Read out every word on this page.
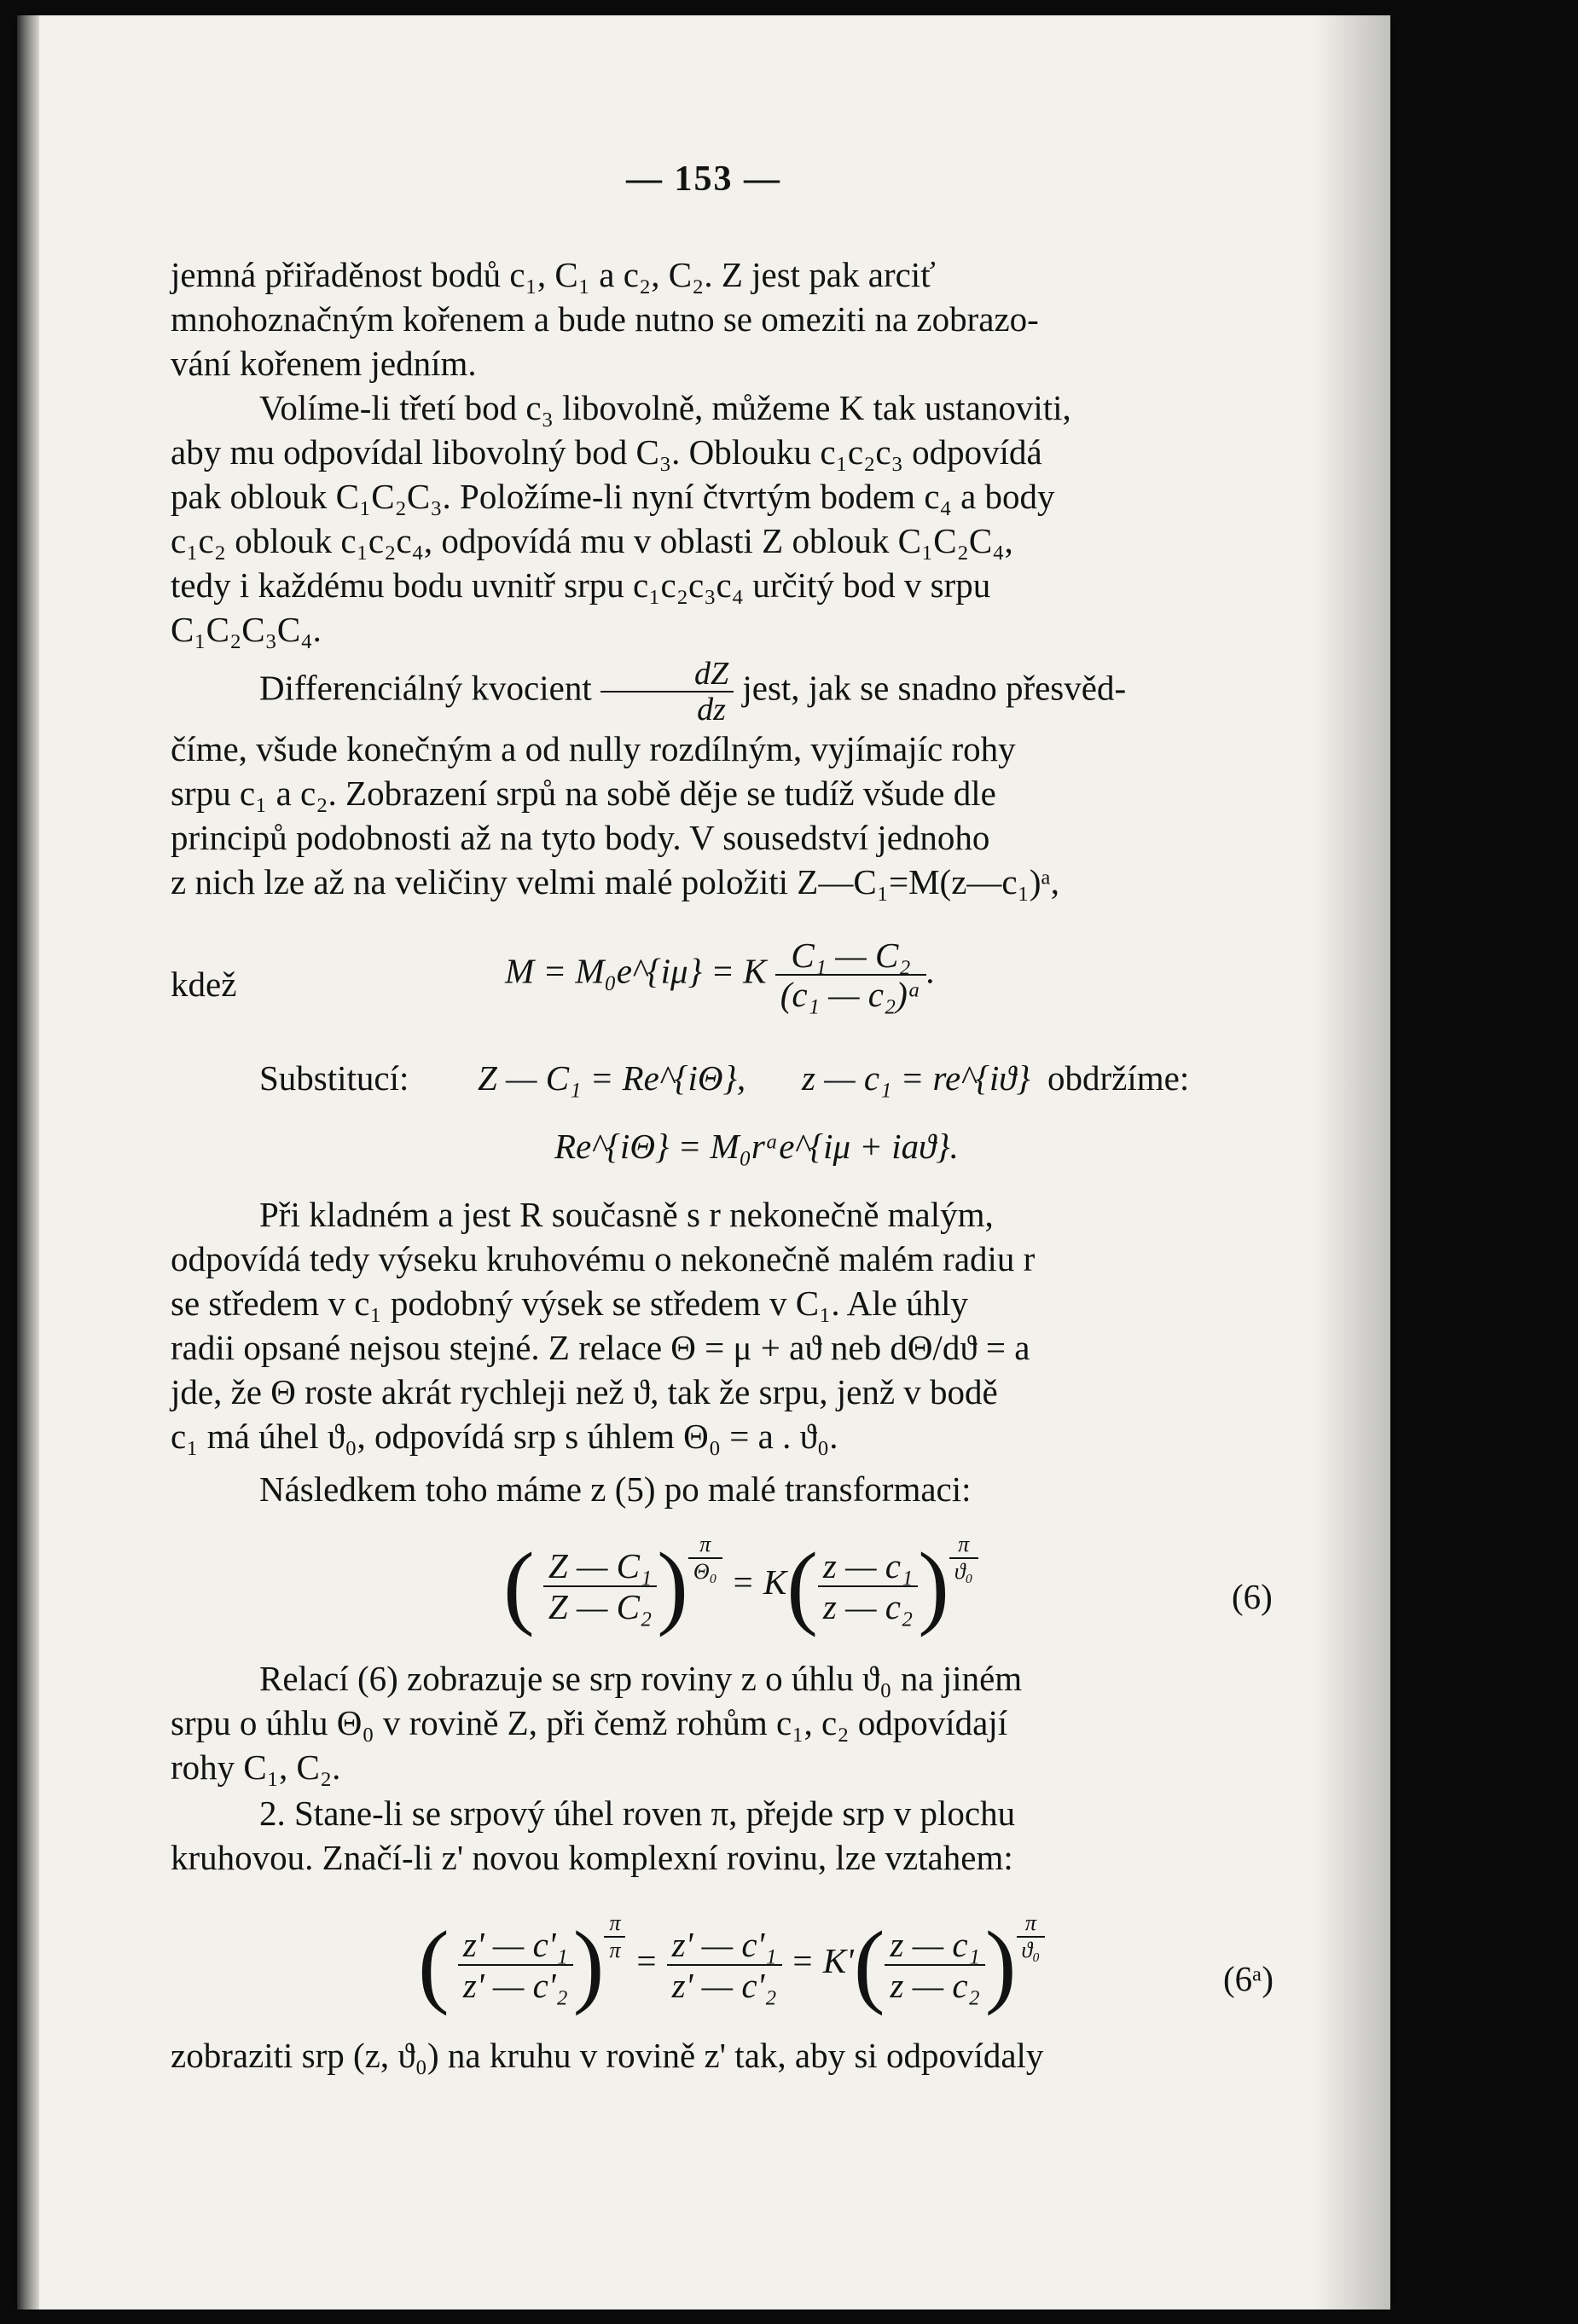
— 153 —
jemná přiřaděnost bodů c₁, C₁ a c₂, C₂. Z jest pak arciť
mnohoznačným kořenem a bude nutno se omeziti na zobrazo-
vání kořenem jedním.
Volíme-li třetí bod c₃ libovolně, můžeme K tak ustanoviti,
aby mu odpovídal libovolný bod C₃. Oblouku c₁c₂c₃ odpovídá
pak oblouk C₁C₂C₃. Položíme-li nyní čtvrtým bodem c₄ a body
c₁c₂ oblouk c₁c₂c₄, odpovídá mu v oblasti Z oblouk C₁C₂C₄,
tedy i každému bodu uvnitř srpu c₁c₂c₃c₄ určitý bod v srpu
C₁C₂C₃C₄.
Differenciálný kvocient $\frac{dZ}{dz}$ jest, jak se snadno přesvěd-
číme, všude konečným a od nully rozdílným, vyjímajíc rohy
srpu c₁ a c₂. Zobrazení srpů na sobě děje se tudíž všude dle
principů podobnosti až na tyto body. V sousedství jednoho
z nich lze až na veličiny velmi malé položiti Z—C₁=M(z—c₁)ᵃ,
kdež	M = M₀e^{iμ} = K $\frac{\text{C₁ — C₂}}{\text{(c₁ — c₂)ᵃ}}$ .
Substitucí: Z — C₁ = Re^{iΘ}, z — c₁ = re^{iϑ} obdržíme:
Re^{iΘ} = M₀rᵃe^{iμ + iaϑ}.
Při kladném a jest R současně s r nekonečně malým,
odpovídá tedy výseku kruhovému o nekonečně malém radiu r
se středem v c₁ podobný výsek se středem v C₁. Ale úhly
radii opsané nejsou stejné. Z relace Θ = μ + aϑ neb dΘ/dϑ = a
jde, že Θ roste akrát rychleji než ϑ, tak že srpu, jenž v bodě
c₁ má úhel ϑ₀, odpovídá srp s úhlem Θ₀ = a . ϑ₀.
Následkem toho máme z (5) po malé transformaci:
( $\frac{\text{Z — C₁}}{\text{Z — C₂}}$ ) $\frac{\pi}{\text{Θ₀}} = K( \frac{\text{z — c₁}}{\text{z — c₂}}$ ) $\frac{\pi}{\text{ϑ₀}}$
(6)
Relací (6) zobrazuje se srp roviny z o úhlu ϑ₀ na jiném
srpu o úhlu Θ₀ v rovině Z, při čemž rohům c₁, c₂ odpovídají
rohy C₁, C₂.
2. Stane-li se srpový úhel roven π, přejde srp v plochu
kruhovou. Značí-li z' novou komplexní rovinu, lze vztahem:
( $\frac{\text{z' — c'₁}}{\text{z' — c'₂}}$ ) $\frac{\pi}{\pi} = \frac{\text{z' — c'₁}}{\text{z' — c'₂}} = K'( \frac{\text{z — c₁}}{\text{z — c₂}}$ ) $\frac{\pi}{\text{ϑ₀}}$
(6ᵃ)
zobraziti srp (z, ϑ₀) na kruhu v rovině z' tak, aby si odpovídaly
